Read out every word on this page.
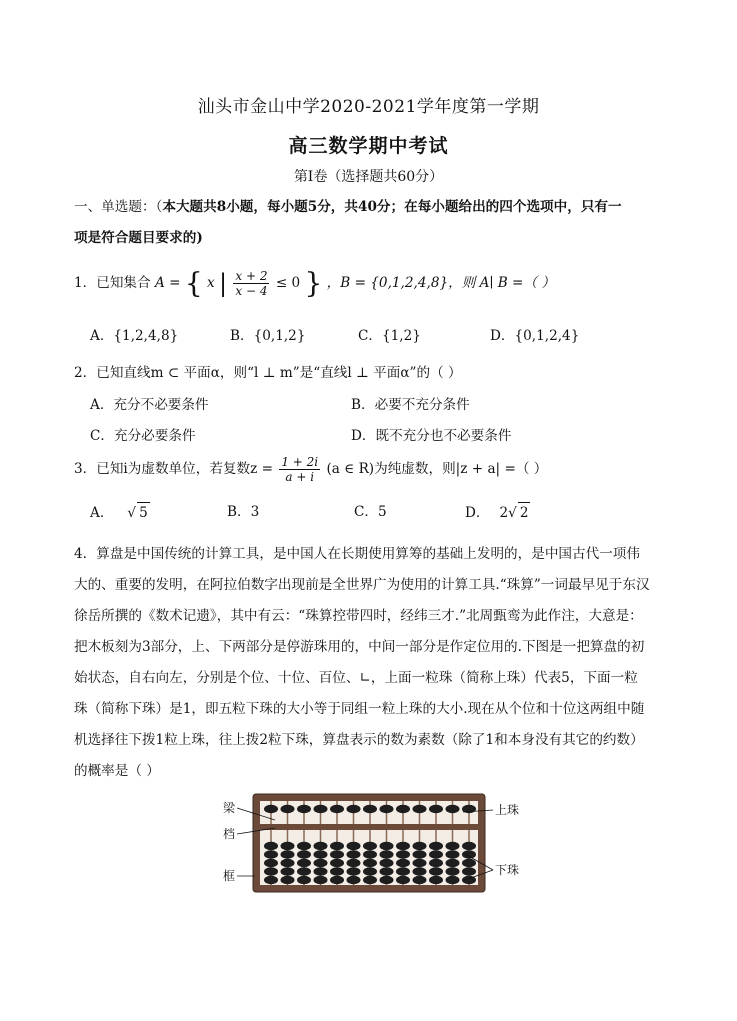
汕头市金山中学2020-2021学年度第一学期
高三数学期中考试
第Ⅰ卷（选择题共60分）
一、单选题：（本大题共8小题，每小题5分，共40分；在每小题给出的四个选项中，只有一
项是符合题目要求的)
1．已知集合 A = { x | $\frac{x + 2}{x - 4} \le 0$ } ，B = {0,1,2,4,8}，则 A∣ B =（ ）
A．{1,2,4,8}	B．{0,1,2}	C．{1,2}	D．{0,1,2,4}
2．已知直线m ⊂ 平面α，则“l ⊥ m”是“直线l ⊥ 平面α”的（ ）
A．充分不必要条件	B．必要不充分条件
C．充分必要条件	D．既不充分也不必要条件
3．已知i为虚数单位，若复数$z = \frac{1 + 2i}{a + i} (a$ ∈ R)为纯虚数，则|z + a| =（ ）
A． √ 5	B．3	C．5	D． 2√ 2
4．算盘是中国传统的计算工具，是中国人在长期使用算筹的基础上发明的，是中国古代一项伟
大的、重要的发明，在阿拉伯数字出现前是全世界广为使用的计算工具.“珠算”一词最早见于东汉
徐岳所撰的《数术记遗》，其中有云：“珠算控带四时，经纬三才.”北周甄鸾为此作注，大意是：
把木板刻为3部分，上、下两部分是停游珠用的，中间一部分是作定位用的.下图是一把算盘的初
始状态，自右向左，分别是个位、十位、百位、∟，上面一粒珠（简称上珠）代表5，下面一粒
珠（简称下珠）是1，即五粒下珠的大小等于同组一粒上珠的大小.现在从个位和十位这两组中随
机选择往下拨1粒上珠，往上拨2粒下珠，算盘表示的数为素数（除了1和本身没有其它的约数）
的概率是（ ）
梁
档
框
上珠
下珠
